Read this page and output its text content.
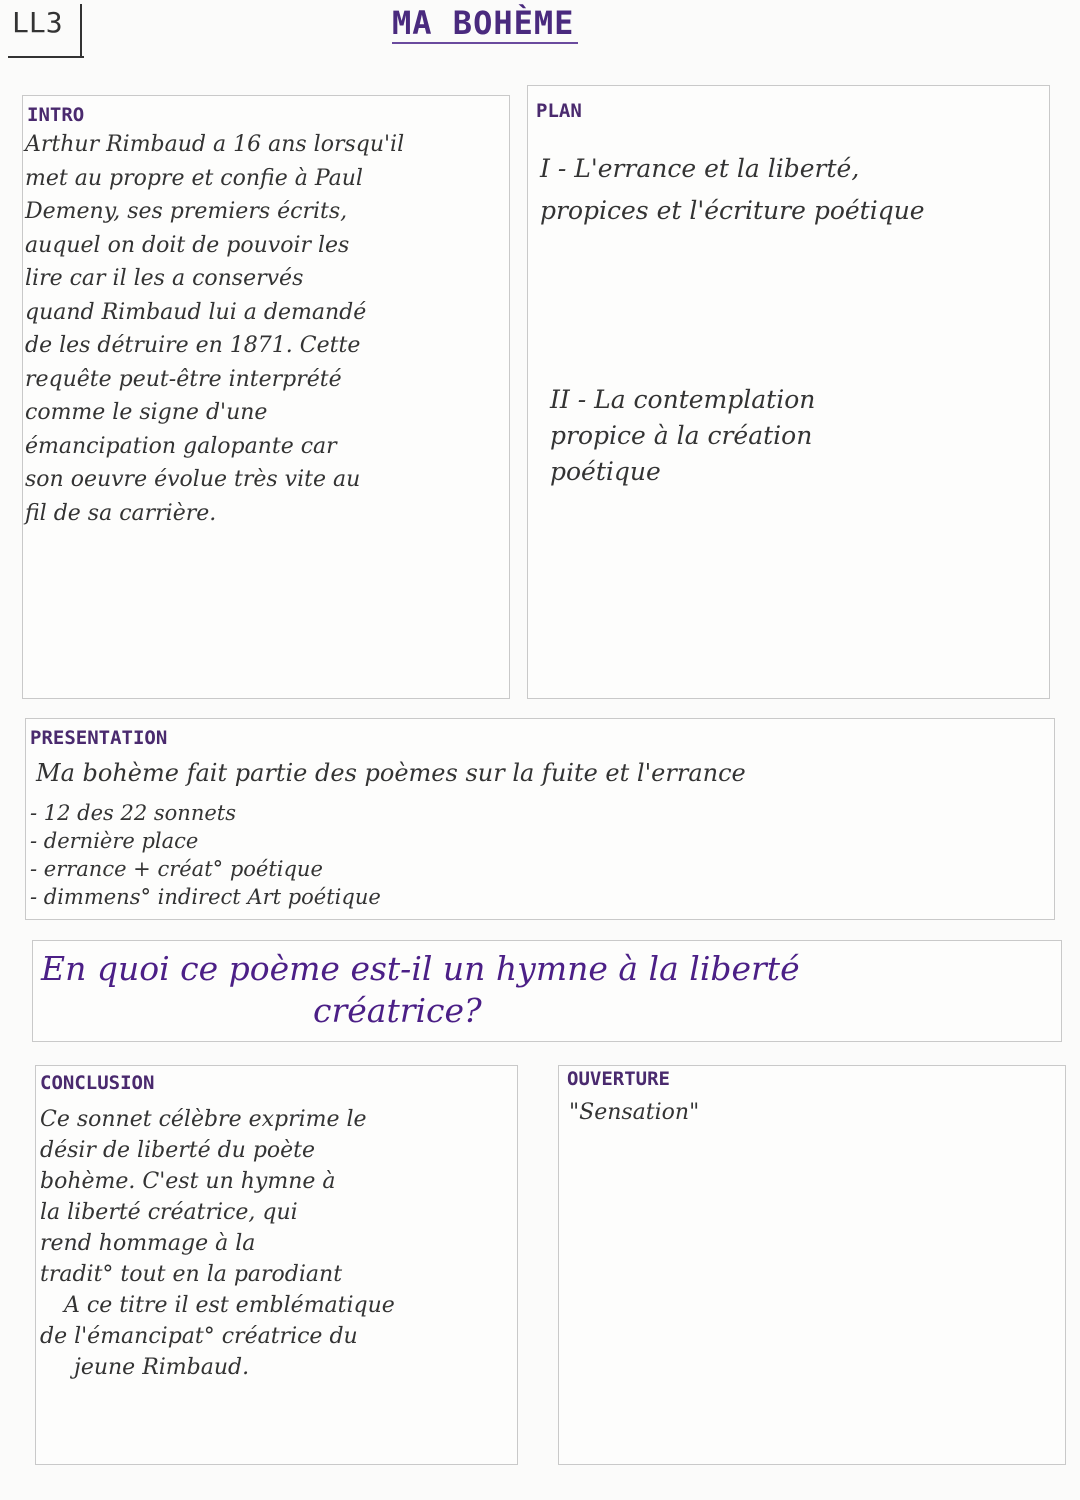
LL3	MA BOHÈME
INTRO
Arthur Rimbaud a 16 ans lorsqu'il
met au propre et confie à Paul
Demeny, ses premiers écrits,
auquel on doit de pouvoir les
lire car il les a conservés
quand Rimbaud lui a demandé
de les détruire en 1871. Cette
requête peut-être interprété
comme le signe d'une
émancipation galopante car
son oeuvre évolue très vite au
fil de sa carrière.
PLAN
I - L'errance et la liberté,
propices et l'écriture poétique
II - La contemplation
propice à la création
poétique
PRESENTATION
Ma bohème fait partie des poèmes sur la fuite et l'errance
- 12 des 22 sonnets
- dernière place
- errance + créat° poétique
- dimmens° indirect Art poétique
En quoi ce poème est-il un hymne à la liberté
créatrice?
CONCLUSION
Ce sonnet célèbre exprime le
désir de liberté du poète
bohème. C'est un hymne à
la liberté créatrice, qui
rend hommage à la
tradit° tout en la parodiant
A ce titre il est emblématique
de l'émancipat° créatrice du
jeune Rimbaud.
OUVERTURE
"Sensation"
